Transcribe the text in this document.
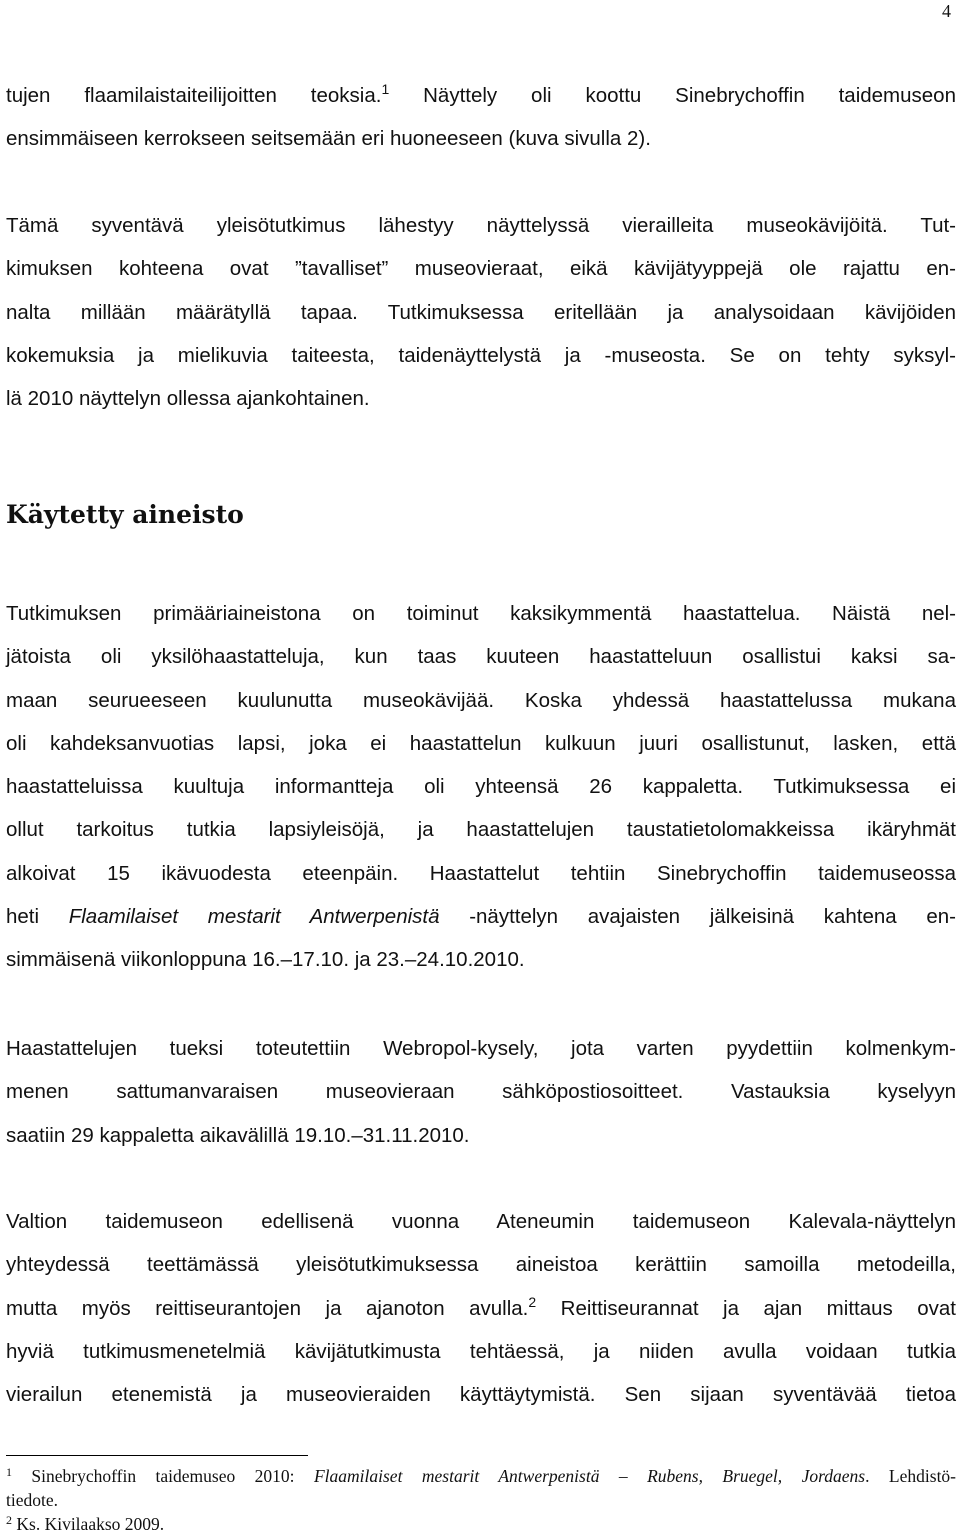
4
tujen flaamilaistaiteilijoitten teoksia.$^1$ Näyttely oli koottu Sinebrychoffin taidemuseon
ensimmäiseen kerrokseen seitsemään eri huoneeseen (kuva sivulla 2).
Tämä syventävä yleisötutkimus lähestyy näyttelyssä vierailleita museokävijöitä. Tut-
kimuksen kohteena ovat ”tavalliset” museovieraat, eikä kävijätyyppejä ole rajattu en-
nalta millään määrätyllä tapaa. Tutkimuksessa eritellään ja analysoidaan kävijöiden
kokemuksia ja mielikuvia taiteesta, taidenäyttelystä ja -museosta. Se on tehty syksyl-
lä 2010 näyttelyn ollessa ajankohtainen.
Käytetty aineisto
Tutkimuksen primääriaineistona on toiminut kaksikymmentä haastattelua. Näistä nel-
jätoista oli yksilöhaastatteluja, kun taas kuuteen haastatteluun osallistui kaksi sa-
maan seurueeseen kuulunutta museokävijää. Koska yhdessä haastattelussa mukana
oli kahdeksanvuotias lapsi, joka ei haastattelun kulkuun juuri osallistunut, lasken, että
haastatteluissa kuultuja informantteja oli yhteensä 26 kappaletta. Tutkimuksessa ei
ollut tarkoitus tutkia lapsiyleisöjä, ja haastattelujen taustatietolomakkeissa ikäryhmät
alkoivat 15 ikävuodesta eteenpäin. Haastattelut tehtiin Sinebrychoffin taidemuseossa
heti Flaamilaiset mestarit Antwerpenistä -näyttelyn avajaisten jälkeisinä kahtena en-
simmäisenä viikonloppuna 16.–17.10. ja 23.–24.10.2010.
Haastattelujen tueksi toteutettiin Webropol-kysely, jota varten pyydettiin kolmenkym-
menen sattumanvaraisen museovieraan sähköpostiosoitteet. Vastauksia kyselyyn
saatiin 29 kappaletta aikavälillä 19.10.–31.11.2010.
Valtion taidemuseon edellisenä vuonna Ateneumin taidemuseon Kalevala-näyttelyn
yhteydessä teettämässä yleisötutkimuksessa aineistoa kerättiin samoilla metodeilla,
mutta myös reittiseurantojen ja ajanoton avulla.$^2$ Reittiseurannat ja ajan mittaus ovat
hyviä tutkimusmenetelmiä kävijätutkimusta tehtäessä, ja niiden avulla voidaan tutkia
vierailun etenemistä ja museovieraiden käyttäytymistä. Sen sijaan syventävää tietoa
$^1$ Sinebrychoffin taidemuseo 2010: Flaamilaiset mestarit Antwerpenistä – Rubens, Bruegel, Jordaens. Lehdistö-
tiedote.
$^2$ Ks. Kivilaakso 2009.
